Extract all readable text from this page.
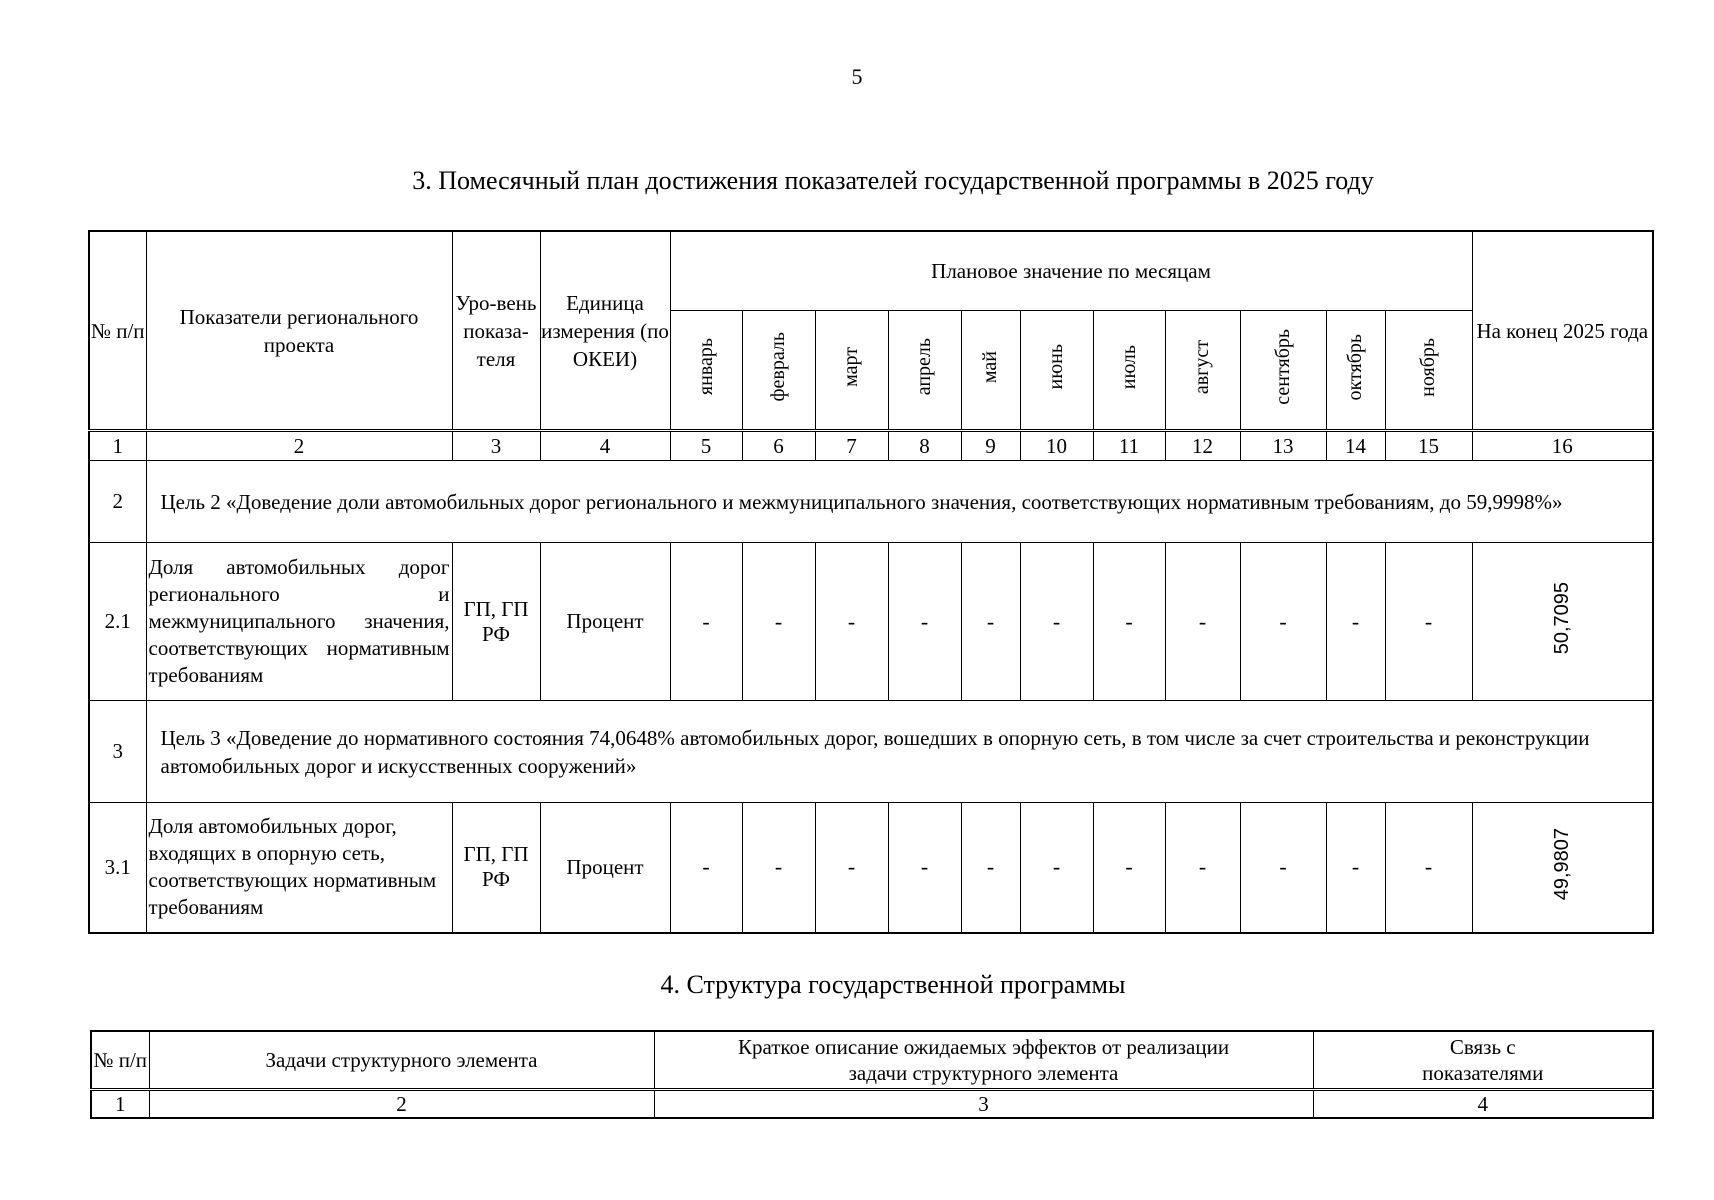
5
3. Помесячный план достижения показателей государственной программы в 2025 году
№ п/п	Показатели регионального проекта	Уро-вень показа-теля	Единица измерения (по ОКЕИ)	Плановое значение по месяцам											На конец 2025 года
				январь	февраль	март	апрель	май	июнь	июль	август	сентябрь	октябрь	ноябрь	
1	2	3	4	5	6	7	8	9	10	11	12	13	14	15	16
2	Цель 2 «Доведение доли автомобильных дорог регионального и межмуниципального значения, соответствующих нормативным требованиям, до 59,9998%»														
2.1	Доля автомобильных дорог регионального и межмуниципального значения, соответствующих нормативным требованиям	ГП, ГП РФ	Процент	-	-	-	-	-	-	-	-	-	-	-	50,7095
3	Цель 3 «Доведение до нормативного состояния 74,0648% автомобильных дорог, вошедших в опорную сеть, в том числе за счет строительства и реконструкции автомобильных дорог и искусственных сооружений»														
3.1	Доля автомобильных дорог, входящих в опорную сеть, соответствующих нормативным требованиям	ГП, ГП РФ	Процент	-	-	-	-	-	-	-	-	-	-	-	49,9807
4. Структура государственной программы
№ п/п	Задачи структурного элемента	Краткое описание ожидаемых эффектов от реализации задачи структурного элемента	Связь с показателями
1	2	3	4
